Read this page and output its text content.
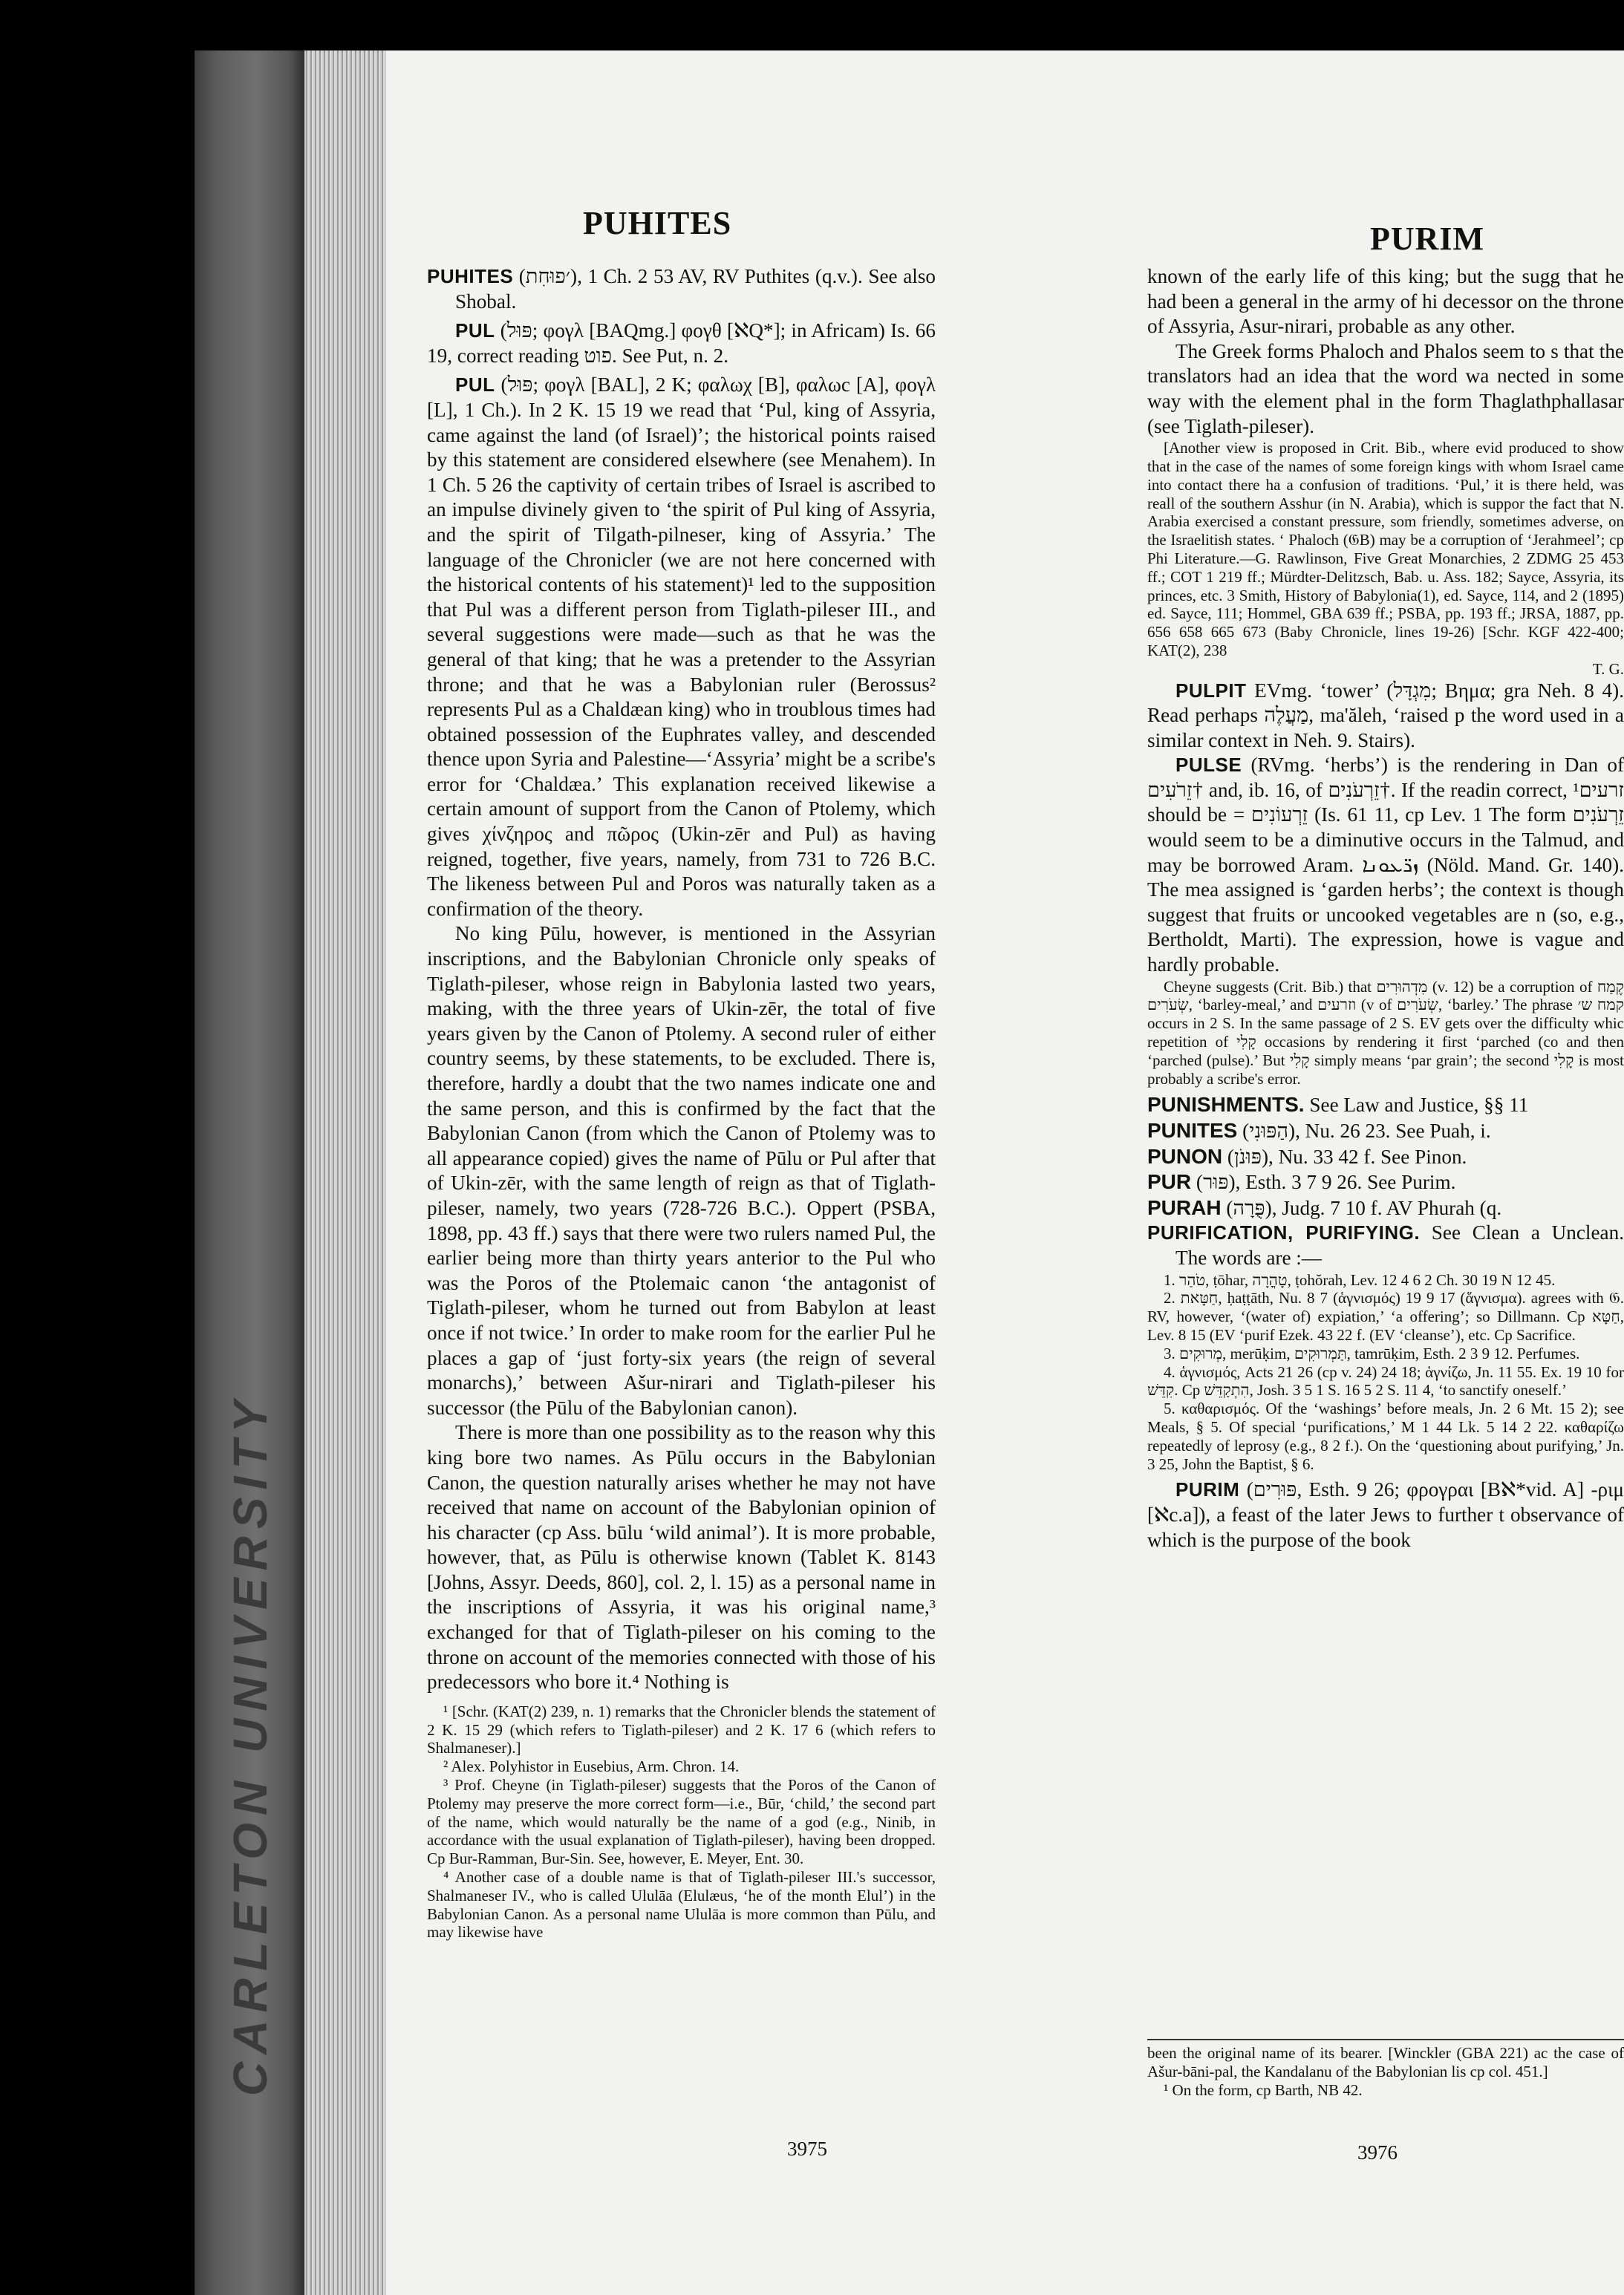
CARLETON UNIVERSITY
PUHITES

PUHITES (׳פוּחִת), 1 Ch. 2 53 AV, RV Puthites (q.v.). See also Shobal.

PUL (פּוּל; φογλ [BAQmg.] φογθ [ℵQ*]; in Africam) Is. 66 19, correct reading פוט. See Put, n. 2.

PUL (פּוּל; φογλ [BAL], 2 K; φαλωχ [B], φαλωc [A], φογλ [L], 1 Ch.). In 2 K. 15 19 we read that ‘Pul, king of Assyria, came against the land (of Israel)’; the historical points raised by this statement are considered elsewhere (see Menahem). In 1 Ch. 5 26 the captivity of certain tribes of Israel is ascribed to an impulse divinely given to ‘the spirit of Pul king of Assyria, and the spirit of Tilgath-pilneser, king of Assyria.’ The language of the Chronicler (we are not here concerned with the historical contents of his statement)¹ led to the supposition that Pul was a different person from Tiglath-pileser III., and several suggestions were made—such as that he was the general of that king; that he was a pretender to the Assyrian throne; and that he was a Babylonian ruler (Berossus² represents Pul as a Chaldæan king) who in troublous times had obtained possession of the Euphrates valley, and descended thence upon Syria and Palestine—‘Assyria’ might be a scribe's error for ‘Chaldæa.’ This explanation received likewise a certain amount of support from the Canon of Ptolemy, which gives χίνζηρος and πῶρος (Ukin-zēr and Pul) as having reigned, together, five years, namely, from 731 to 726 B.C. The likeness between Pul and Poros was naturally taken as a confirmation of the theory.

No king Pūlu, however, is mentioned in the Assyrian inscriptions, and the Babylonian Chronicle only speaks of Tiglath-pileser, whose reign in Babylonia lasted two years, making, with the three years of Ukin-zēr, the total of five years given by the Canon of Ptolemy. A second ruler of either country seems, by these statements, to be excluded. There is, therefore, hardly a doubt that the two names indicate one and the same person, and this is confirmed by the fact that the Babylonian Canon (from which the Canon of Ptolemy was to all appearance copied) gives the name of Pūlu or Pul after that of Ukin-zēr, with the same length of reign as that of Tiglath-pileser, namely, two years (728-726 B.C.). Oppert (PSBA, 1898, pp. 43 ff.) says that there were two rulers named Pul, the earlier being more than thirty years anterior to the Pul who was the Poros of the Ptolemaic canon ‘the antagonist of Tiglath-pileser, whom he turned out from Babylon at least once if not twice.’ In order to make room for the earlier Pul he places a gap of ‘just forty-six years (the reign of several monarchs),’ between Ašur-nirari and Tiglath-pileser his successor (the Pūlu of the Babylonian canon).

There is more than one possibility as to the reason why this king bore two names. As Pūlu occurs in the Babylonian Canon, the question naturally arises whether he may not have received that name on account of the Babylonian opinion of his character (cp Ass. būlu ‘wild animal’). It is more probable, however, that, as Pūlu is otherwise known (Tablet K. 8143 [Johns, Assyr. Deeds, 860], col. 2, l. 15) as a personal name in the inscriptions of Assyria, it was his original name,³ exchanged for that of Tiglath-pileser on his coming to the throne on account of the memories connected with those of his predecessors who bore it.⁴ Nothing is

¹ [Schr. (KAT(2) 239, n. 1) remarks that the Chronicler blends the statement of 2 K. 15 29 (which refers to Tiglath-pileser) and 2 K. 17 6 (which refers to Shalmaneser).]

² Alex. Polyhistor in Eusebius, Arm. Chron. 14.

³ Prof. Cheyne (in Tiglath-pileser) suggests that the Poros of the Canon of Ptolemy may preserve the more correct form—i.e., Būr, ‘child,’ the second part of the name, which would naturally be the name of a god (e.g., Ninib, in accordance with the usual explanation of Tiglath-pileser), having been dropped. Cp Bur-Ramman, Bur-Sin. See, however, E. Meyer, Ent. 30.

⁴ Another case of a double name is that of Tiglath-pileser III.'s successor, Shalmaneser IV., who is called Ululāa (Elulæus, ‘he of the month Elul’) in the Babylonian Canon. As a personal name Ululāa is more common than Pūlu, and may likewise have

3975
PURIM

known of the early life of this king; but the sugg that he had been a general in the army of hi decessor on the throne of Assyria, Asur-nirari, probable as any other.

The Greek forms Phaloch and Phalos seem to s that the translators had an idea that the word wa nected in some way with the element phal in the form Thaglathphallasar (see Tiglath-pileser).

[Another view is proposed in Crit. Bib., where evid produced to show that in the case of the names of some foreign kings with whom Israel came into contact there ha a confusion of traditions. ‘Pul,’ it is there held, was reall of the southern Asshur (in N. Arabia), which is suppor the fact that N. Arabia exercised a constant pressure, som friendly, sometimes adverse, on the Israelitish states. ‘ Phaloch (𝔊B) may be a corruption of ‘Jerahmeel’; cp Phi Literature.—G. Rawlinson, Five Great Monarchies, 2 ZDMG 25 453 ff.; COT 1 219 ff.; Mürdter-Delitzsch, Bab. u. Ass. 182; Sayce, Assyria, its princes, etc. 3 Smith, History of Babylonia(1), ed. Sayce, 114, and 2 (1895) ed. Sayce, 111; Hommel, GBA 639 ff.; PSBA, pp. 193 ff.; JRSA, 1887, pp. 656 658 665 673 (Baby Chronicle, lines 19-26) [Schr. KGF 422-400; KAT(2), 238

T. G.

PULPIT EVmg. ‘tower’ (מִגְדָּל; Βημα; gra Neh. 8 4). Read perhaps מַעֲלֶה, ma'ăleh, ‘raised p the word used in a similar context in Neh. 9. Stairs).

PULSE (RVmg. ‘herbs’) is the rendering in Dan of זֵרֹעִים† and, ib. 16, of זֵרְעֹנִים†. If the readin correct, זרעים¹ should be = זֵרְעוֹנִים (Is. 61 11, cp Lev. 1 The form זֵרְעֹנִים would seem to be a diminutive occurs in the Talmud, and may be borrowed Aram. ܙܪ̈ܥܘܢܐ (Nöld. Mand. Gr. 140). The mea assigned is ‘garden herbs’; the context is though suggest that fruits or uncooked vegetables are n (so, e.g., Bertholdt, Marti). The expression, howe is vague and hardly probable.

Cheyne suggests (Crit. Bib.) that מִדְהוּרִים (v. 12) be a corruption of קֶמַח שְׂעֹרִים, ‘barley-meal,’ and וזרעים (v of שְׂעֹרִים, ‘barley.’ The phrase קמח ש׳ occurs in 2 S. In the same passage of 2 S. EV gets over the difficulty whic repetition of קָלִי occasions by rendering it first ‘parched (co and then ‘parched (pulse).’ But קָלִי simply means ‘par grain’; the second קָלִי is most probably a scribe's error.

PUNISHMENTS. See Law and Justice, §§ 11

PUNITES (הַפּוּנִי), Nu. 26 23. See Puah, i.

PUNON (פּוּנֹן), Nu. 33 42 f. See Pinon.

PUR (פּוּר), Esth. 3 7 9 26. See Purim.

PURAH (פֻּרָה), Judg. 7 10 f. AV Phurah (q.

PURIFICATION, PURIFYING. See Clean a Unclean. The words are :—

1. טֹהַר, ṭōhar, טָהֳרָה, ṭohŏrah, Lev. 12 4 6 2 Ch. 30 19 N 12 45.

2. חַטָּאת, ḥaṭṭāth, Nu. 8 7 (ἁγνισμός) 19 9 17 (ἅγνισμα). agrees with 𝔊. RV, however, ‘(water of) expiation,’ ‘a offering’; so Dillmann. Cp חַטָּא, Lev. 8 15 (EV ‘purif Ezek. 43 22 f. (EV ‘cleanse’), etc. Cp Sacrifice.

3. מְרוּקִים, merūḳim, תַּמְרוּקִים, tamrūḳim, Esth. 2 3 9 12. Perfumes.

4. ἁγνισμός, Acts 21 26 (cp v. 24) 24 18; ἁγνίζω, Jn. 11 55. Ex. 19 10 for קִדֵּשׁ. Cp הִתְקַדֵּשׁ, Josh. 3 5 1 S. 16 5 2 S. 11 4, ‘to sanctify oneself.’

5. καθαρισμός. Of the ‘washings’ before meals, Jn. 2 6 Mt. 15 2); see Meals, § 5. Of special ‘purifications,’ M 1 44 Lk. 5 14 2 22. καθαρίζω repeatedly of leprosy (e.g., 8 2 f.). On the ‘questioning about purifying,’ Jn. 3 25, John the Baptist, § 6.

PURIM (פּוּרִים, Esth. 9 26; φρογραι [Bℵ*vid. A] -ριμ [ℵc.a]), a feast of the later Jews to further t observance of which is the purpose of the book

been the original name of its bearer. [Winckler (GBA 221) ac the case of Ašur-bāni-pal, the Kandalanu of the Babylonian lis cp col. 451.]

¹ On the form, cp Barth, NB 42.

3976
